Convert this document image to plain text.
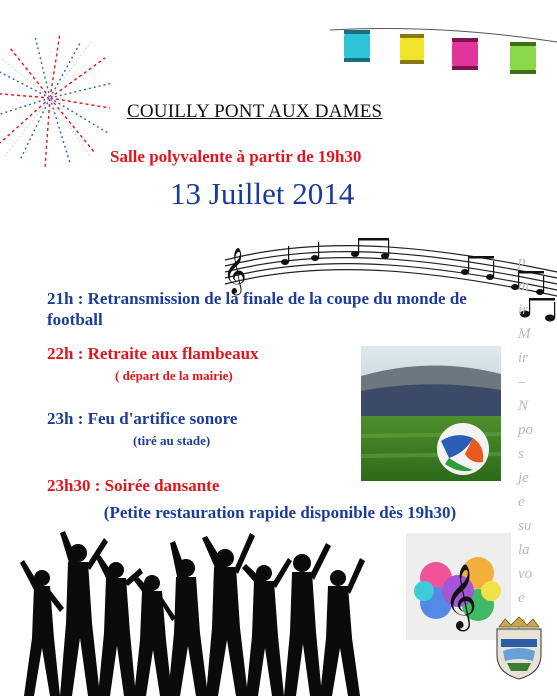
COUILLY PONT AUX DAMES
Salle polyvalente à partir de 19h30
13 Juillet 2014
𝄞	p
m
ir
M
ir
–
N
po
s
je
e
su
la
vo
e
21h : Retransmission de la finale de la coupe du monde de football
22h : Retraite aux flambeaux
( départ de la mairie)
23h : Feu d'artifice sonore
(tiré au stade)
23h30 : Soirée dansante
(Petite restauration rapide disponible dès 19h30)
𝄞
